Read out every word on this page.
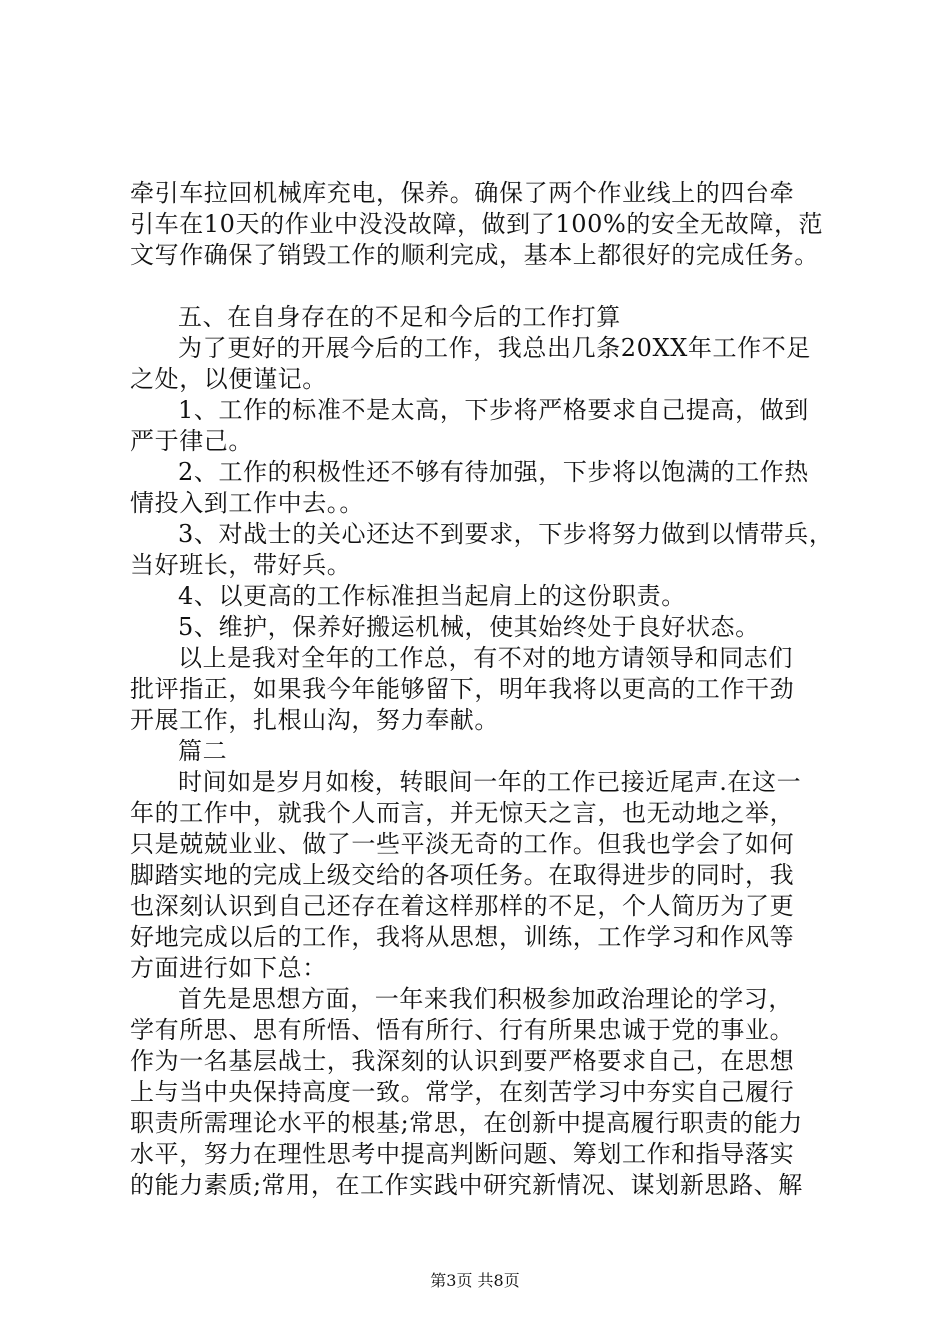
牵引车拉回机械库充电，保养。确保了两个作业线上的四台牵
引车在10天的作业中没没故障，做到了100%的安全无故障，范
文写作确保了销毁工作的顺利完成，基本上都很好的完成任务。
五、在自身存在的不足和今后的工作打算
为了更好的开展今后的工作，我总出几条20XX年工作不足
之处，以便谨记。
1、工作的标准不是太高，下步将严格要求自己提高，做到
严于律己。
2、工作的积极性还不够有待加强，下步将以饱满的工作热
情投入到工作中去。。
3、对战士的关心还达不到要求，下步将努力做到以情带兵，
当好班长，带好兵。
4、以更高的工作标准担当起肩上的这份职责。
5、维护，保养好搬运机械，使其始终处于良好状态。
以上是我对全年的工作总，有不对的地方请领导和同志们
批评指正，如果我今年能够留下，明年我将以更高的工作干劲
开展工作，扎根山沟，努力奉献。
篇二
时间如是岁月如梭，转眼间一年的工作已接近尾声.在这一
年的工作中，就我个人而言，并无惊天之言，也无动地之举，
只是兢兢业业、做了一些平淡无奇的工作。但我也学会了如何
脚踏实地的完成上级交给的各项任务。在取得进步的同时，我
也深刻认识到自己还存在着这样那样的不足，个人简历为了更
好地完成以后的工作，我将从思想，训练，工作学习和作风等
方面进行如下总：
首先是思想方面，一年来我们积极参加政治理论的学习，
学有所思、思有所悟、悟有所行、行有所果忠诚于党的事业。
作为一名基层战士，我深刻的认识到要严格要求自己，在思想
上与当中央保持高度一致。常学，在刻苦学习中夯实自己履行
职责所需理论水平的根基;常思，在创新中提高履行职责的能力
水平，努力在理性思考中提高判断问题、筹划工作和指导落实
的能力素质;常用，在工作实践中研究新情况、谋划新思路、解
第3页 共8页
